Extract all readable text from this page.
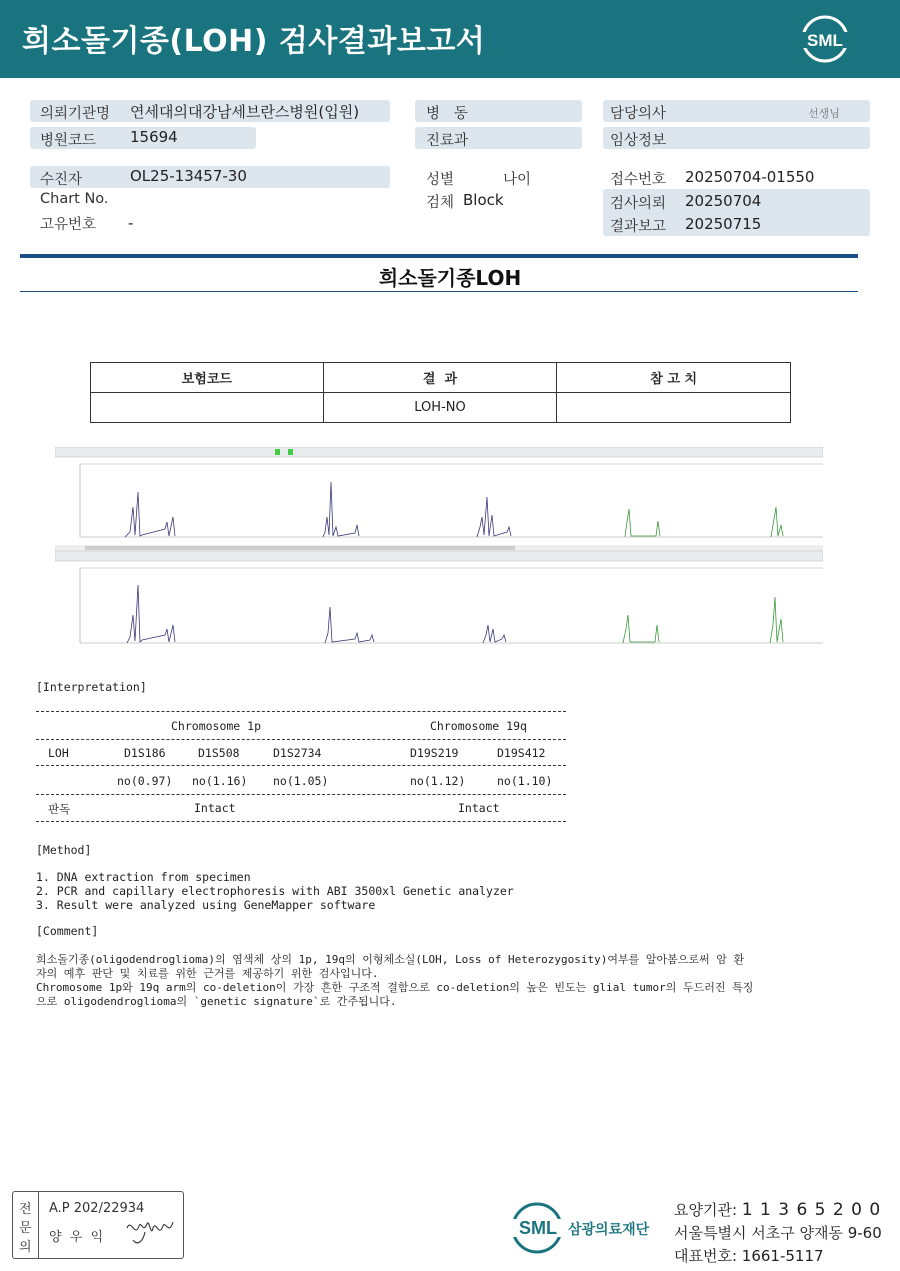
희소돌기종(LOH) 검사결과보고서	SML
의뢰기관명 연세대의대강남세브란스병원(입원)
병원코드 15694
병   동
진료과
담당의사	선생님
임상정보
수진자	OL25-13457-30
Chart No.
고유번호 -
성별	나이
검체 Block
접수번호 20250704-01550
검사의뢰 20250704
결과보고 20250715
희소돌기종LOH
보험코드	결  과	참 고 치
	LOH-NO	
[Interpretation]
Chromosome 1p	Chromosome 19q
LOH	D1S186	D1S508	D1S2734	D19S219	D19S412
no(0.97) no(1.16) no(1.05)	no(1.12)	no(1.10)
판독	Intact	Intact
[Method]
1. DNA extraction from specimen
2. PCR and capillary electrophoresis with ABI 3500xl Genetic analyzer
3. Result were analyzed using GeneMapper software
[Comment]
희소돌기종(oligodendroglioma)의 염색체 상의 1p, 19q의 이형체소실(LOH, Loss of Heterozygosity)여부를 알아봄으로써 암 환
자의 예후 판단 및 치료를 위한 근거를 제공하기 위한 검사입니다.
Chromosome 1p와 19q arm의 co-deletion이 가장 흔한 구조적 결함으로 co-deletion의 높은 빈도는 glial tumor의 두드러진 특징
으로 oligodendroglioma의 `genetic signature`로 간주됩니다.
전
문
의
A.P 202/22934
양  우  익	SML 삼광의료재단
요양기관: 1 1 3 6 5 2 0 0
서울특별시 서초구 양재동 9-60
대표번호: 1661-5117
